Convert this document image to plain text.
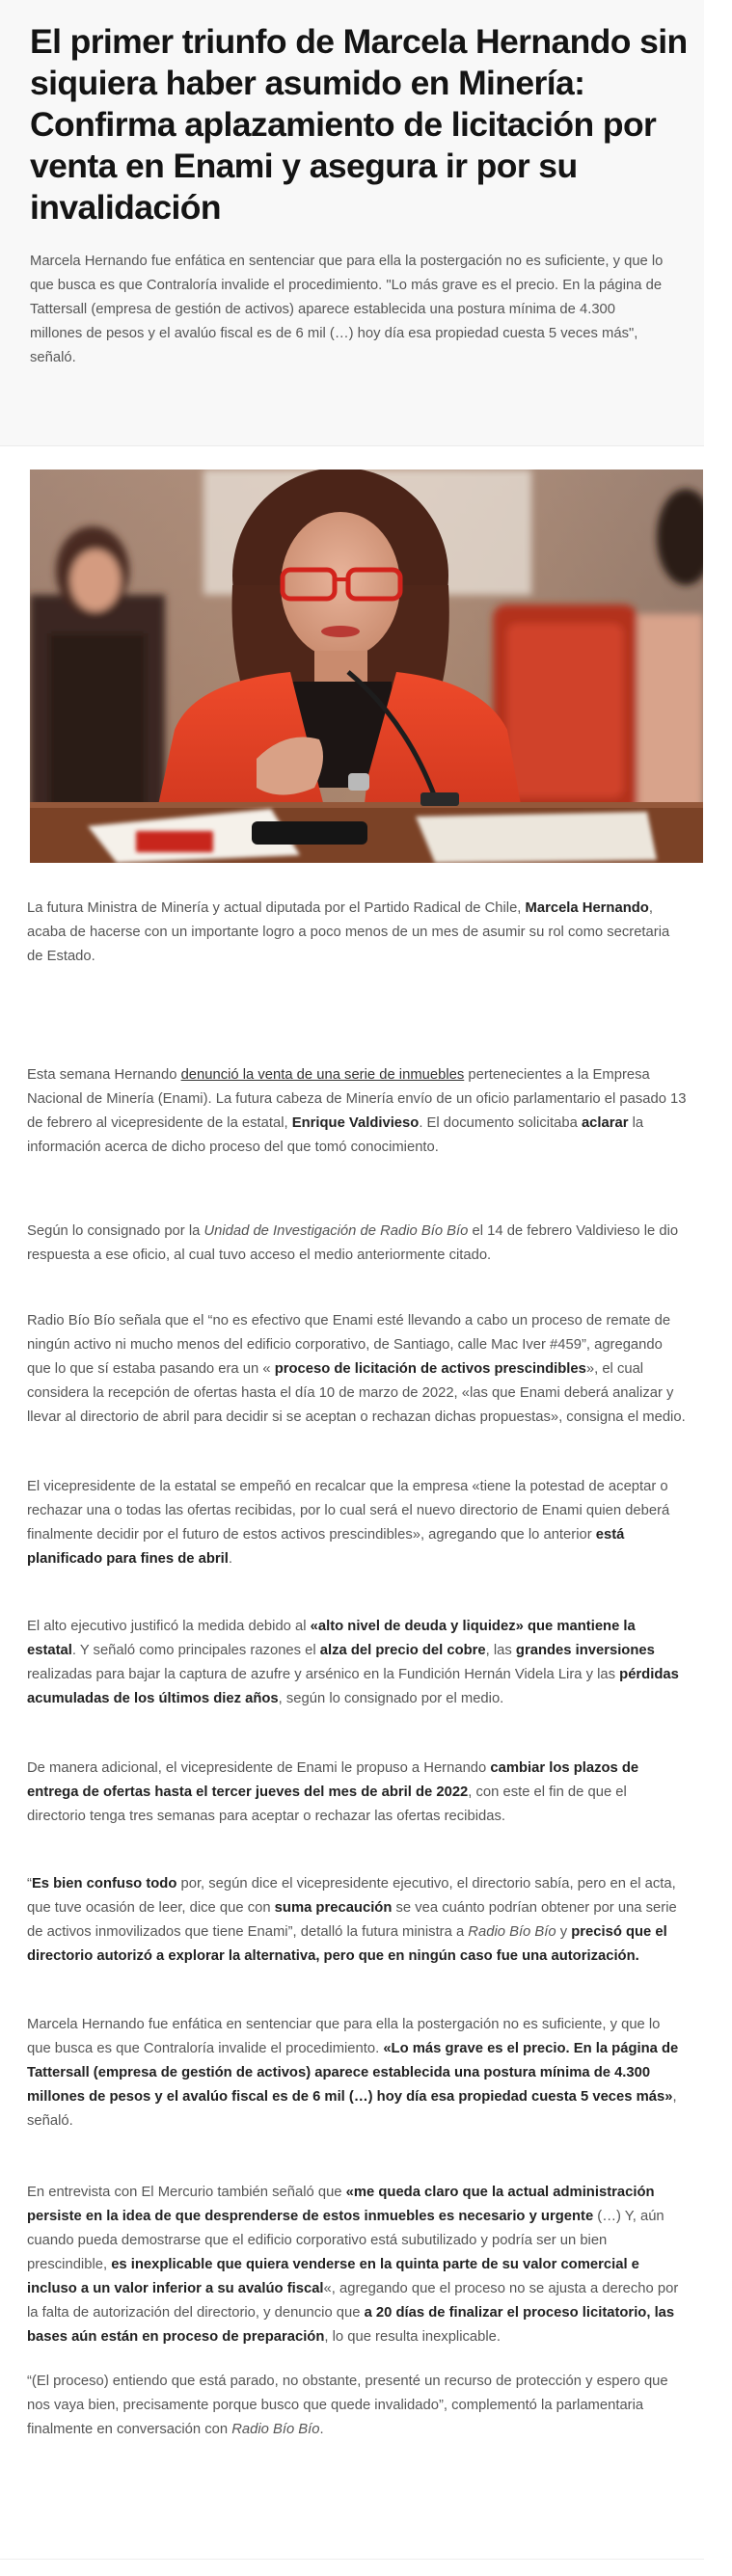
El primer triunfo de Marcela Hernando sin siquiera haber asumido en Minería: Confirma aplazamiento de licitación por venta en Enami y asegura ir por su invalidación

Marcela Hernando fue enfática en sentenciar que para ella la postergación no es suficiente, y que lo que busca es que Contraloría invalide el procedimiento. "Lo más grave es el precio. En la página de Tattersall (empresa de gestión de activos) aparece establecida una postura mínima de 4.300 millones de pesos y el avalúo fiscal es de 6 mil (…) hoy día esa propiedad cuesta 5 veces más", señaló.

La futura Ministra de Minería y actual diputada por el Partido Radical de Chile, Marcela Hernando, acaba de hacerse con un importante logro a poco menos de un mes de asumir su rol como secretaria de Estado.

Esta semana Hernando denunció la venta de una serie de inmuebles pertenecientes a la Empresa Nacional de Minería (Enami). La futura cabeza de Minería envío de un oficio parlamentario el pasado 13 de febrero al vicepresidente de la estatal, Enrique Valdivieso. El documento solicitaba aclarar la información acerca de dicho proceso del que tomó conocimiento.

Según lo consignado por la Unidad de Investigación de Radio Bío Bío el 14 de febrero Valdivieso le dio respuesta a ese oficio, al cual tuvo acceso el medio anteriormente citado.

Radio Bío Bío señala que el “no es efectivo que Enami esté llevando a cabo un proceso de remate de ningún activo ni mucho menos del edificio corporativo, de Santiago, calle Mac Iver #459”, agregando que lo que sí estaba pasando era un « proceso de licitación de activos prescindibles», el cual considera la recepción de ofertas hasta el día 10 de marzo de 2022, «las que Enami deberá analizar y llevar al directorio de abril para decidir si se aceptan o rechazan dichas propuestas», consigna el medio.

El vicepresidente de la estatal se empeñó en recalcar que la empresa «tiene la potestad de aceptar o rechazar una o todas las ofertas recibidas, por lo cual será el nuevo directorio de Enami quien deberá finalmente decidir por el futuro de estos activos prescindibles», agregando que lo anterior está planificado para fines de abril.

El alto ejecutivo justificó la medida debido al «alto nivel de deuda y liquidez» que mantiene la estatal. Y señaló como principales razones el alza del precio del cobre, las grandes inversiones realizadas para bajar la captura de azufre y arsénico en la Fundición Hernán Videla Lira y las pérdidas acumuladas de los últimos diez años, según lo consignado por el medio.

De manera adicional, el vicepresidente de Enami le propuso a Hernando cambiar los plazos de entrega de ofertas hasta el tercer jueves del mes de abril de 2022, con este el fin de que el directorio tenga tres semanas para aceptar o rechazar las ofertas recibidas.

“Es bien confuso todo por, según dice el vicepresidente ejecutivo, el directorio sabía, pero en el acta, que tuve ocasión de leer, dice que con suma precaución se vea cuánto podrían obtener por una serie de activos inmovilizados que tiene Enami”, detalló la futura ministra a Radio Bío Bío y precisó que el directorio autorizó a explorar la alternativa, pero que en ningún caso fue una autorización.

Marcela Hernando fue enfática en sentenciar que para ella la postergación no es suficiente, y que lo que busca es que Contraloría invalide el procedimiento. «Lo más grave es el precio. En la página de Tattersall (empresa de gestión de activos) aparece establecida una postura mínima de 4.300 millones de pesos y el avalúo fiscal es de 6 mil (…) hoy día esa propiedad cuesta 5 veces más», señaló.

En entrevista con El Mercurio también señaló que «me queda claro que la actual administración persiste en la idea de que desprenderse de estos inmuebles es necesario y urgente (…) Y, aún cuando pueda demostrarse que el edificio corporativo está subutilizado y podría ser un bien prescindible, es inexplicable que quiera venderse en la quinta parte de su valor comercial e incluso a un valor inferior a su avalúo fiscal«, agregando que el proceso no se ajusta a derecho por la falta de autorización del directorio, y denuncio que a 20 días de finalizar el proceso licitatorio, las bases aún están en proceso de preparación, lo que resulta inexplicable.

“(El proceso) entiendo que está parado, no obstante, presenté un recurso de protección y espero que nos vaya bien, precisamente porque busco que quede invalidado”, complementó la parlamentaria finalmente en conversación con Radio Bío Bío.
